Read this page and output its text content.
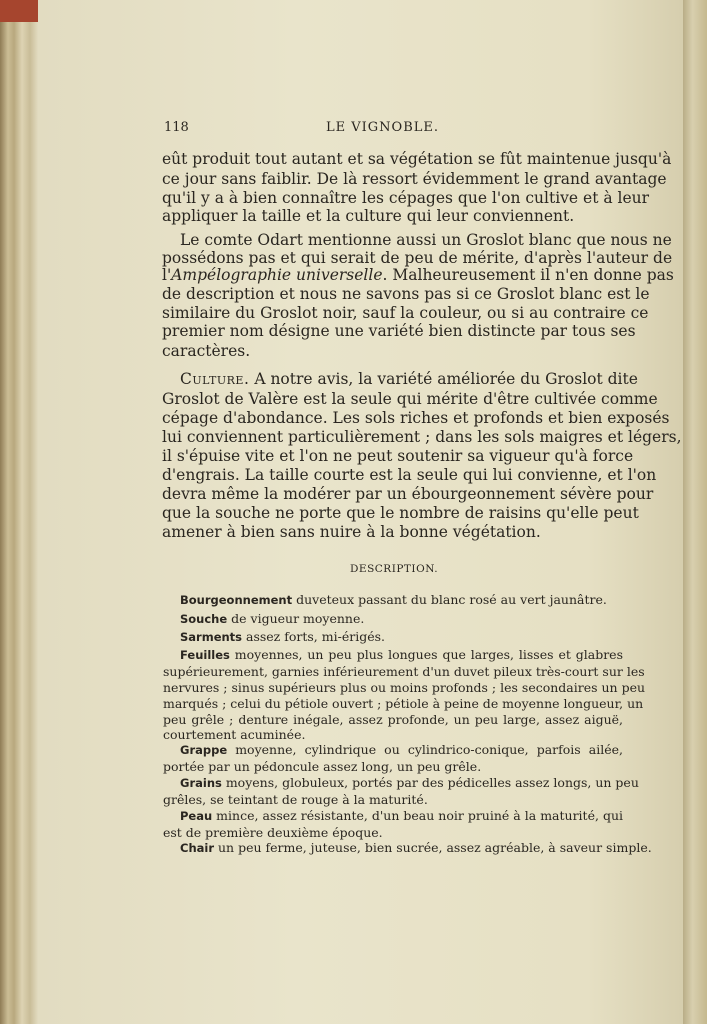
118	LE VIGNOBLE.
eût produit tout autant et sa végétation se fût maintenue jusqu'à
ce jour sans faiblir. De là ressort évidemment le grand avantage
qu'il y a à bien connaître les cépages que l'on cultive et à leur
appliquer la taille et la culture qui leur conviennent.
Le comte Odart mentionne aussi un Groslot blanc que nous ne
possédons pas et qui serait de peu de mérite, d'après l'auteur de
l'Ampélographie universelle. Malheureusement il n'en donne pas
de description et nous ne savons pas si ce Groslot blanc est le
similaire du Groslot noir, sauf la couleur, ou si au contraire ce
premier nom désigne une variété bien distincte par tous ses
caractères.
Culture. A notre avis, la variété améliorée du Groslot dite
Groslot de Valère est la seule qui mérite d'être cultivée comme
cépage d'abondance. Les sols riches et profonds et bien exposés
lui conviennent particulièrement ; dans les sols maigres et légers,
il s'épuise vite et l'on ne peut soutenir sa vigueur qu'à force
d'engrais. La taille courte est la seule qui lui convienne, et l'on
devra même la modérer par un ébourgeonnement sévère pour
que la souche ne porte que le nombre de raisins qu'elle peut
amener à bien sans nuire à la bonne végétation.
DESCRIPTION.
Bourgeonnement duveteux passant du blanc rosé au vert jaunâtre.
Souche de vigueur moyenne.
Sarments assez forts, mi-érigés.
Feuilles moyennes, un peu plus longues que larges, lisses et glabres
supérieurement, garnies inférieurement d'un duvet pileux très-court sur les
nervures ; sinus supérieurs plus ou moins profonds ; les secondaires un peu
marqués ; celui du pétiole ouvert ; pétiole à peine de moyenne longueur, un
peu grêle ; denture inégale, assez profonde, un peu large, assez aiguë,
courtement acuminée.
Grappe moyenne, cylindrique ou cylindrico-conique, parfois ailée,
portée par un pédoncule assez long, un peu grêle.
Grains moyens, globuleux, portés par des pédicelles assez longs, un peu
grêles, se teintant de rouge à la maturité.
Peau mince, assez résistante, d'un beau noir pruiné à la maturité, qui
est de première deuxième époque.
Chair un peu ferme, juteuse, bien sucrée, assez agréable, à saveur simple.
